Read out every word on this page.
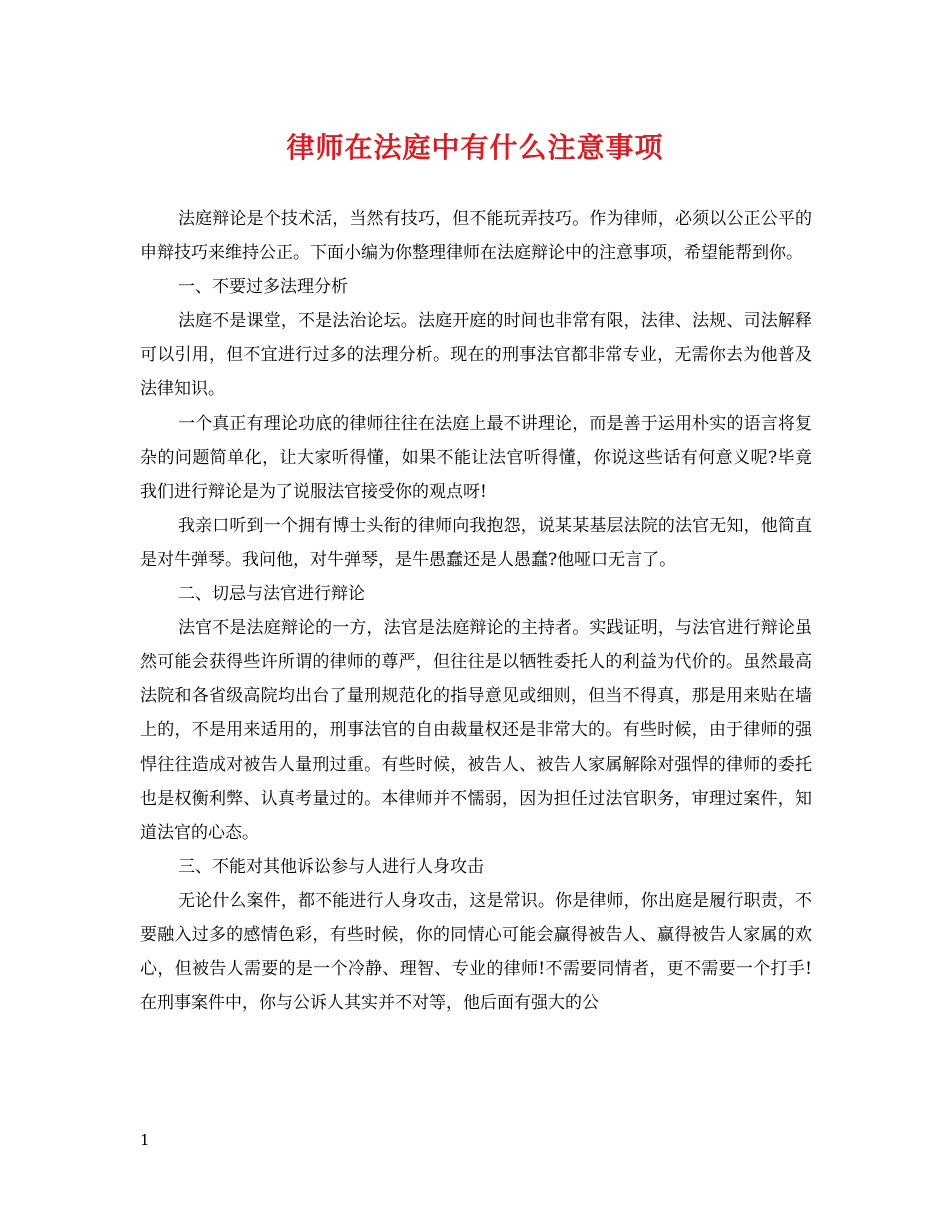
律师在法庭中有什么注意事项

法庭辩论是个技术活，当然有技巧，但不能玩弄技巧。作为律师，必须以公正公平的申辩技巧来维持公正。下面小编为你整理律师在法庭辩论中的注意事项，希望能帮到你。

一、不要过多法理分析

法庭不是课堂，不是法治论坛。法庭开庭的时间也非常有限，法律、法规、司法解释可以引用，但不宜进行过多的法理分析。现在的刑事法官都非常专业，无需你去为他普及法律知识。

一个真正有理论功底的律师往往在法庭上最不讲理论，而是善于运用朴实的语言将复杂的问题简单化，让大家听得懂，如果不能让法官听得懂，你说这些话有何意义呢?毕竟我们进行辩论是为了说服法官接受你的观点呀!

我亲口听到一个拥有博士头衔的律师向我抱怨，说某某基层法院的法官无知，他简直是对牛弹琴。我问他，对牛弹琴，是牛愚蠢还是人愚蠢?他哑口无言了。

二、切忌与法官进行辩论

法官不是法庭辩论的一方，法官是法庭辩论的主持者。实践证明，与法官进行辩论虽然可能会获得些许所谓的律师的尊严，但往往是以牺牲委托人的利益为代价的。虽然最高法院和各省级高院均出台了量刑规范化的指导意见或细则，但当不得真，那是用来贴在墙上的，不是用来适用的，刑事法官的自由裁量权还是非常大的。有些时候，由于律师的强悍往往造成对被告人量刑过重。有些时候，被告人、被告人家属解除对强悍的律师的委托也是权衡利弊、认真考量过的。本律师并不懦弱，因为担任过法官职务，审理过案件，知道法官的心态。

三、不能对其他诉讼参与人进行人身攻击

无论什么案件，都不能进行人身攻击，这是常识。你是律师，你出庭是履行职责，不要融入过多的感情色彩，有些时候，你的同情心可能会赢得被告人、赢得被告人家属的欢心，但被告人需要的是一个冷静、理智、专业的律师!不需要同情者，更不需要一个打手!在刑事案件中，你与公诉人其实并不对等，他后面有强大的公

1
